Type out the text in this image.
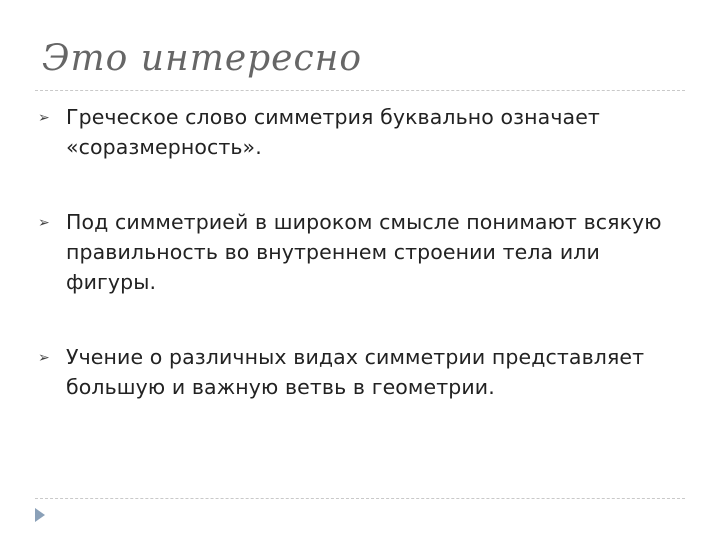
Это интересно
➢ Греческое слово симметрия буквально означает «соразмерность».
➢ Под симметрией в широком смысле понимают всякую правильность во внутреннем строении тела или фигуры.
➢ Учение о различных видах симметрии представляет большую и важную ветвь в геометрии.
